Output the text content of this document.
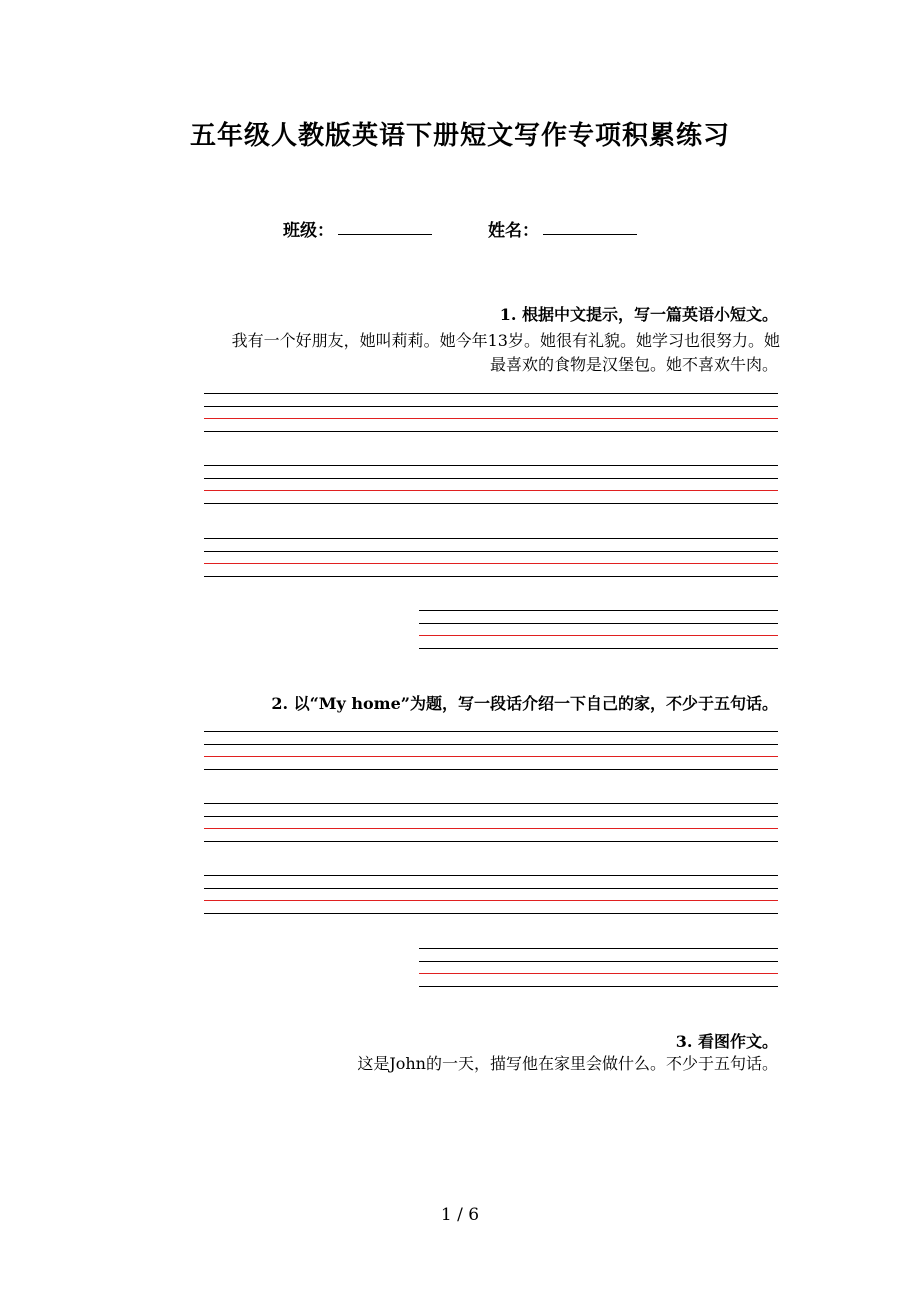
五年级人教版英语下册短文写作专项积累练习
班级：	姓名：
1. 根据中文提示，写一篇英语小短文。
我有一个好朋友，她叫莉莉。她今年13岁。她很有礼貌。她学习也很努力。她
最喜欢的食物是汉堡包。她不喜欢牛肉。
2. 以“My home”为题，写一段话介绍一下自己的家，不少于五句话。
3. 看图作文。
这是John的一天，描写他在家里会做什么。不少于五句话。
1 / 6
